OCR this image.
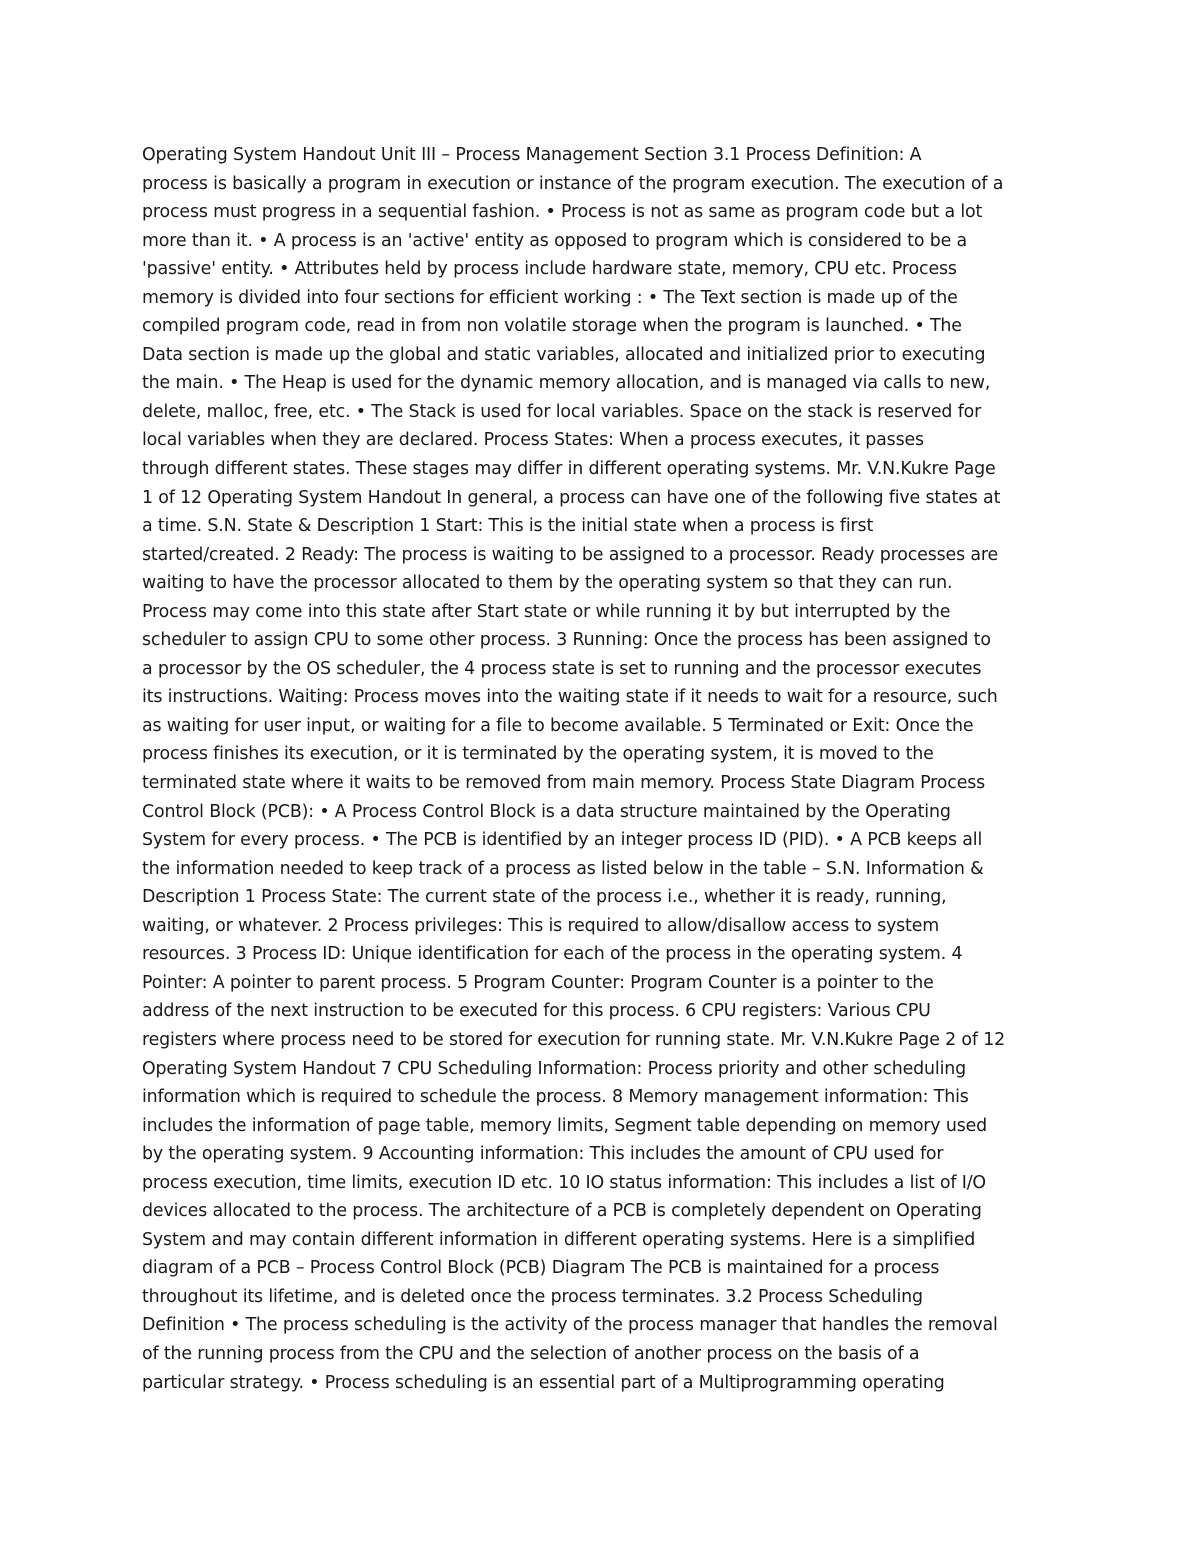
Operating System Handout Unit III – Process Management Section 3.1 Process Definition: A
process is basically a program in execution or instance of the program execution. The execution of a
process must progress in a sequential fashion. • Process is not as same as program code but a lot
more than it. • A process is an 'active' entity as opposed to program which is considered to be a
'passive' entity. • Attributes held by process include hardware state, memory, CPU etc. Process
memory is divided into four sections for efficient working : • The Text section is made up of the
compiled program code, read in from non volatile storage when the program is launched. • The
Data section is made up the global and static variables, allocated and initialized prior to executing
the main. • The Heap is used for the dynamic memory allocation, and is managed via calls to new,
delete, malloc, free, etc. • The Stack is used for local variables. Space on the stack is reserved for
local variables when they are declared. Process States: When a process executes, it passes
through different states. These stages may differ in different operating systems. Mr. V.N.Kukre Page
1 of 12 Operating System Handout In general, a process can have one of the following five states at
a time. S.N. State & Description 1 Start: This is the initial state when a process is first
started/created. 2 Ready: The process is waiting to be assigned to a processor. Ready processes are
waiting to have the processor allocated to them by the operating system so that they can run.
Process may come into this state after Start state or while running it by but interrupted by the
scheduler to assign CPU to some other process. 3 Running: Once the process has been assigned to
a processor by the OS scheduler, the 4 process state is set to running and the processor executes
its instructions. Waiting: Process moves into the waiting state if it needs to wait for a resource, such
as waiting for user input, or waiting for a file to become available. 5 Terminated or Exit: Once the
process finishes its execution, or it is terminated by the operating system, it is moved to the
terminated state where it waits to be removed from main memory. Process State Diagram Process
Control Block (PCB): • A Process Control Block is a data structure maintained by the Operating
System for every process. • The PCB is identified by an integer process ID (PID). • A PCB keeps all
the information needed to keep track of a process as listed below in the table – S.N. Information &
Description 1 Process State: The current state of the process i.e., whether it is ready, running,
waiting, or whatever. 2 Process privileges: This is required to allow/disallow access to system
resources. 3 Process ID: Unique identification for each of the process in the operating system. 4
Pointer: A pointer to parent process. 5 Program Counter: Program Counter is a pointer to the
address of the next instruction to be executed for this process. 6 CPU registers: Various CPU
registers where process need to be stored for execution for running state. Mr. V.N.Kukre Page 2 of 12
Operating System Handout 7 CPU Scheduling Information: Process priority and other scheduling
information which is required to schedule the process. 8 Memory management information: This
includes the information of page table, memory limits, Segment table depending on memory used
by the operating system. 9 Accounting information: This includes the amount of CPU used for
process execution, time limits, execution ID etc. 10 IO status information: This includes a list of I/O
devices allocated to the process. The architecture of a PCB is completely dependent on Operating
System and may contain different information in different operating systems. Here is a simplified
diagram of a PCB – Process Control Block (PCB) Diagram The PCB is maintained for a process
throughout its lifetime, and is deleted once the process terminates. 3.2 Process Scheduling
Definition • The process scheduling is the activity of the process manager that handles the removal
of the running process from the CPU and the selection of another process on the basis of a
particular strategy. • Process scheduling is an essential part of a Multiprogramming operating
